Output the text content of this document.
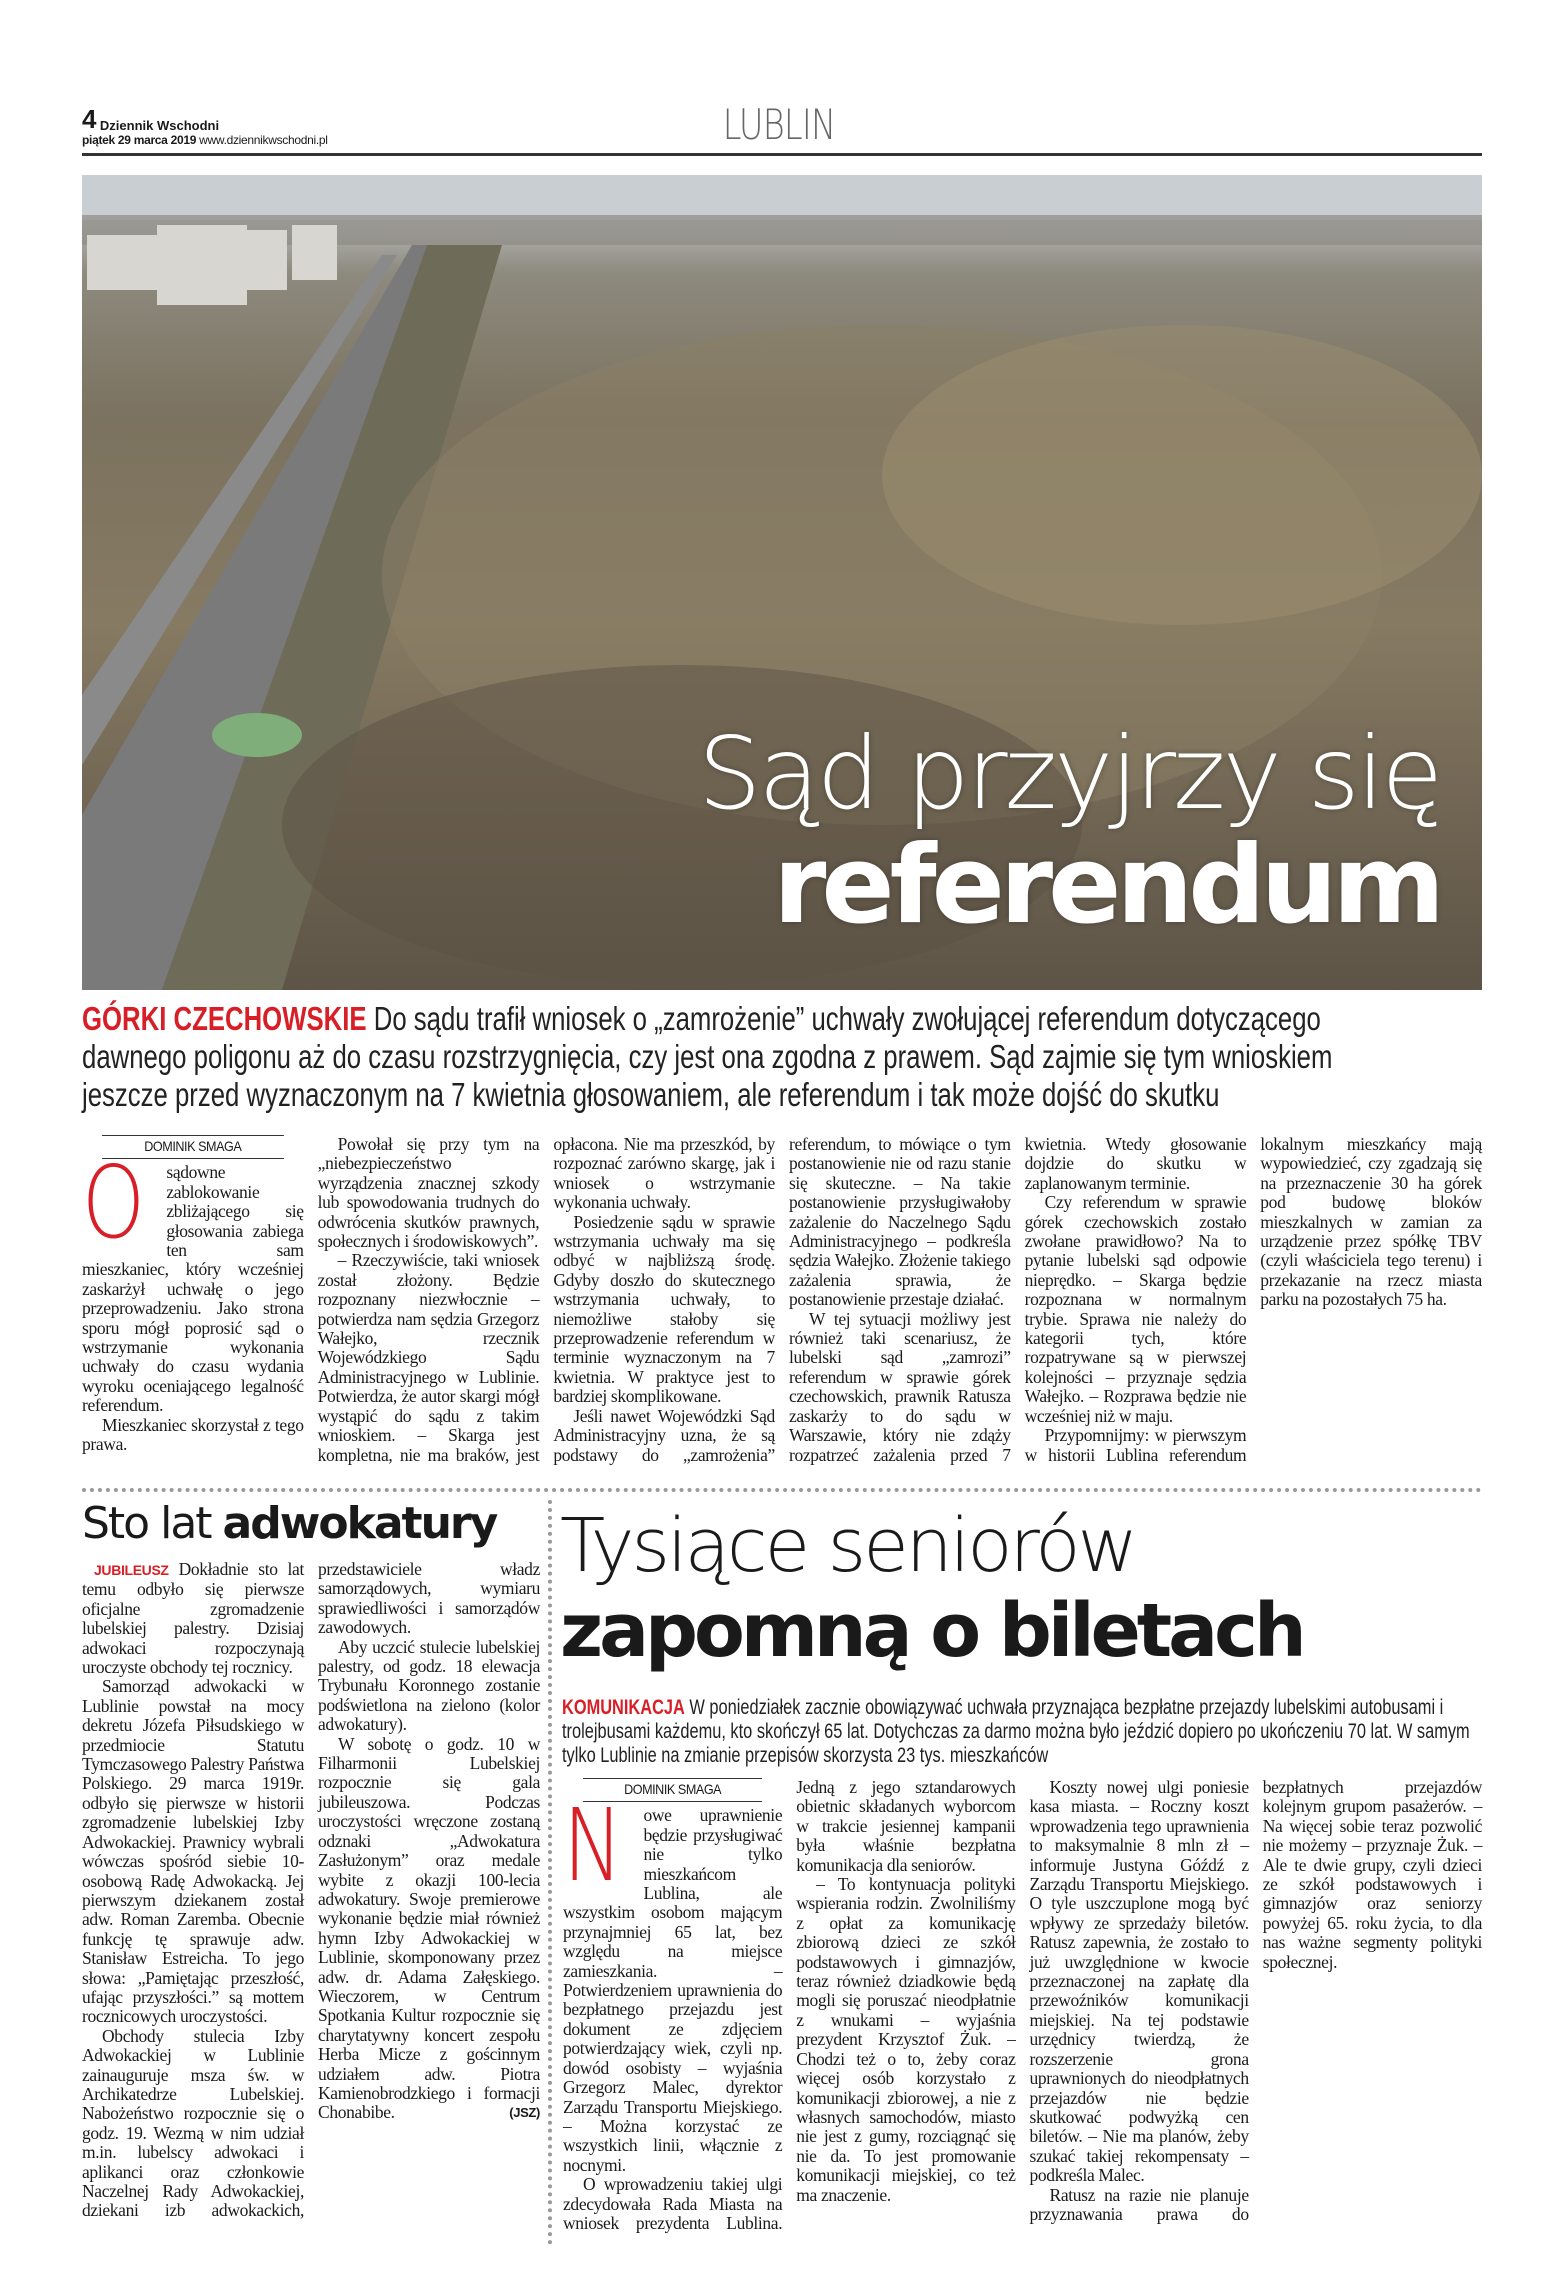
4 Dziennik Wschodni
piątek 29 marca 2019 www.dziennikwschodni.pl	LUBLIN
Sąd przyjrzy się
referendum
GÓRKI CZECHOWSKIE Do sądu trafił wniosek o „zamrożenie” uchwały zwołującej referendum dotyczącego dawnego poligonu aż do czasu rozstrzygnięcia, czy jest ona zgodna z prawem. Sąd zajmie się tym wnioskiem jeszcze przed wyznaczonym na 7 kwietnia głosowaniem, ale referendum i tak może dojść do skutku
DOMINIK SMAGA

O sądowne zablokowanie zbliżającego się głosowania zabiega ten sam mieszkaniec, który wcześniej zaskarżył uchwałę o jego przeprowadzeniu. Jako strona sporu mógł poprosić sąd o wstrzymanie wykonania uchwały do czasu wydania wyroku oceniającego legalność referendum.

Mieszkaniec skorzystał z tego prawa.

Powołał się przy tym na „niebezpieczeństwo wyrządzenia znacznej szkody lub spowodowania trudnych do odwrócenia skutków prawnych, społecznych i środowiskowych”.

– Rzeczywiście, taki wniosek został złożony. Będzie rozpoznany niezwłocznie – potwierdza nam sędzia Grzegorz Wałejko, rzecznik Wojewódzkiego Sądu Administracyjnego w Lublinie. Potwierdza, że autor skargi mógł wystąpić do sądu z takim wnioskiem. – Skarga jest kompletna, nie ma braków, jest opłacona. Nie ma przeszkód, by rozpoznać zarówno skargę, jak i wniosek o wstrzymanie wykonania uchwały.

Posiedzenie sądu w sprawie wstrzymania uchwały ma się odbyć w najbliższą środę. Gdyby doszło do skutecznego wstrzymania uchwały, to niemożliwe stałoby się przeprowadzenie referendum w terminie wyznaczonym na 7 kwietnia. W praktyce jest to bardziej skomplikowane.

Jeśli nawet Wojewódzki Sąd Administracyjny uzna, że są podstawy do „zamrożenia” referendum, to mówiące o tym postanowienie nie od razu stanie się skuteczne. – Na takie postanowienie przysługiwałoby zażalenie do Naczelnego Sądu Administracyjnego – podkreśla sędzia Wałejko. Złożenie takiego zażalenia sprawia, że postanowienie przestaje działać.

W tej sytuacji możliwy jest również taki scenariusz, że lubelski sąd „zamrozi” referendum w sprawie górek czechowskich, prawnik Ratusza zaskarży to do sądu w Warszawie, który nie zdąży rozpatrzeć zażalenia przed 7 kwietnia. Wtedy głosowanie dojdzie do skutku w zaplanowanym terminie.

Czy referendum w sprawie górek czechowskich zostało zwołane prawidłowo? Na to pytanie lubelski sąd odpowie nieprędko. – Skarga będzie rozpoznana w normalnym trybie. Sprawa nie należy do kategorii tych, które rozpatrywane są w pierwszej kolejności – przyznaje sędzia Wałejko. – Rozprawa będzie nie wcześniej niż w maju.

Przypomnijmy: w pierwszym w historii Lublina referendum lokalnym mieszkańcy mają wypowiedzieć, czy zgadzają się na przeznaczenie 30 ha górek pod budowę bloków mieszkalnych w zamian za urządzenie przez spółkę TBV (czyli właściciela tego terenu) i przekazanie na rzecz miasta parku na pozostałych 75 ha.

Sto lat adwokatury

JUBILEUSZ Dokładnie sto lat temu odbyło się pierwsze oficjalne zgromadzenie lubelskiej palestry. Dzisiaj adwokaci rozpoczynają uroczyste obchody tej rocznicy.

Samorząd adwokacki w Lublinie powstał na mocy dekretu Józefa Piłsudskiego w przedmiocie Statutu Tymczasowego Palestry Państwa Polskiego. 29 marca 1919r. odbyło się pierwsze w historii zgromadzenie lubelskiej Izby Adwokackiej. Prawnicy wybrali wówczas spośród siebie 10-osobową Radę Adwokacką. Jej pierwszym dziekanem został adw. Roman Zaremba. Obecnie funkcję tę sprawuje adw. Stanisław Estreicha. To jego słowa: „Pamiętając przeszłość, ufając przyszłości.” są mottem rocznicowych uroczystości.

Obchody stulecia Izby Adwokackiej w Lublinie zainauguruje msza św. w Archikatedrze Lubelskiej. Nabożeństwo rozpocznie się o godz. 19. Wezmą w nim udział m.in. lubelscy adwokaci i aplikanci oraz członkowie Naczelnej Rady Adwokackiej, dziekani izb adwokackich, przedstawiciele władz samorządowych, wymiaru sprawiedliwości i samorządów zawodowych.

Aby uczcić stulecie lubelskiej palestry, od godz. 18 elewacja Trybunału Koronnego zostanie podświetlona na zielono (kolor adwokatury).

W sobotę o godz. 10 w Filharmonii Lubelskiej rozpocznie się gala jubileuszowa. Podczas uroczystości wręczone zostaną odznaki „Adwokatura Zasłużonym” oraz medale wybite z okazji 100-lecia adwokatury. Swoje premierowe wykonanie będzie miał również hymn Izby Adwokackiej w Lublinie, skomponowany przez adw. dr. Adama Załęskiego. Wieczorem, w Centrum Spotkania Kultur rozpocznie się charytatywny koncert zespołu Herba Micze z gościnnym udziałem adw. Piotra Kamienobrodzkiego i formacji Chonabibe.	(JSZ)

Tysiące seniorów
zapomną o biletach
KOMUNIKACJA W poniedziałek zacznie obowiązywać uchwała przyznająca bezpłatne przejazdy lubelskimi autobusami i trolejbusami każdemu, kto skończył 65 lat. Dotychczas za darmo można było jeździć dopiero po ukończeniu 70 lat. W samym tylko Lublinie na zmianie przepisów skorzysta 23 tys. mieszkańców
DOMINIK SMAGA

N owe uprawnienie będzie przysługiwać nie tylko mieszkańcom Lublina, ale wszystkim osobom mającym przynajmniej 65 lat, bez względu na miejsce zamieszkania. – Potwierdzeniem uprawnienia do bezpłatnego przejazdu jest dokument ze zdjęciem potwierdzający wiek, czyli np. dowód osobisty – wyjaśnia Grzegorz Malec, dyrektor Zarządu Transportu Miejskiego. – Można korzystać ze wszystkich linii, włącznie z nocnymi.

O wprowadzeniu takiej ulgi zdecydowała Rada Miasta na wniosek prezydenta Lublina. Jedną z jego sztandarowych obietnic składanych wyborcom w trakcie jesiennej kampanii była właśnie bezpłatna komunikacja dla seniorów.

– To kontynuacja polityki wspierania rodzin. Zwolniliśmy z opłat za komunikację zbiorową dzieci ze szkół podstawowych i gimnazjów, teraz również dziadkowie będą mogli się poruszać nieodpłatnie z wnukami – wyjaśnia prezydent Krzysztof Żuk. – Chodzi też o to, żeby coraz więcej osób korzystało z komunikacji zbiorowej, a nie z własnych samochodów, miasto nie jest z gumy, rozciągnąć się nie da. To jest promowanie komunikacji miejskiej, co też ma znaczenie.

Koszty nowej ulgi poniesie kasa miasta. – Roczny koszt wprowadzenia tego uprawnienia to maksymalnie 8 mln zł – informuje Justyna Góźdź z Zarządu Transportu Miejskiego. O tyle uszczuplone mogą być wpływy ze sprzedaży biletów. Ratusz zapewnia, że zostało to już uwzględnione w kwocie przeznaczonej na zapłatę dla przewoźników komunikacji miejskiej. Na tej podstawie urzędnicy twierdzą, że rozszerzenie grona uprawnionych do nieodpłatnych przejazdów nie będzie skutkować podwyżką cen biletów. – Nie ma planów, żeby szukać takiej rekompensaty – podkreśla Malec.

Ratusz na razie nie planuje przyznawania prawa do bezpłatnych przejazdów kolejnym grupom pasażerów. – Na więcej sobie teraz pozwolić nie możemy – przyznaje Żuk. – Ale te dwie grupy, czyli dzieci ze szkół podstawowych i gimnazjów oraz seniorzy powyżej 65. roku życia, to dla nas ważne segmenty polityki społecznej.
